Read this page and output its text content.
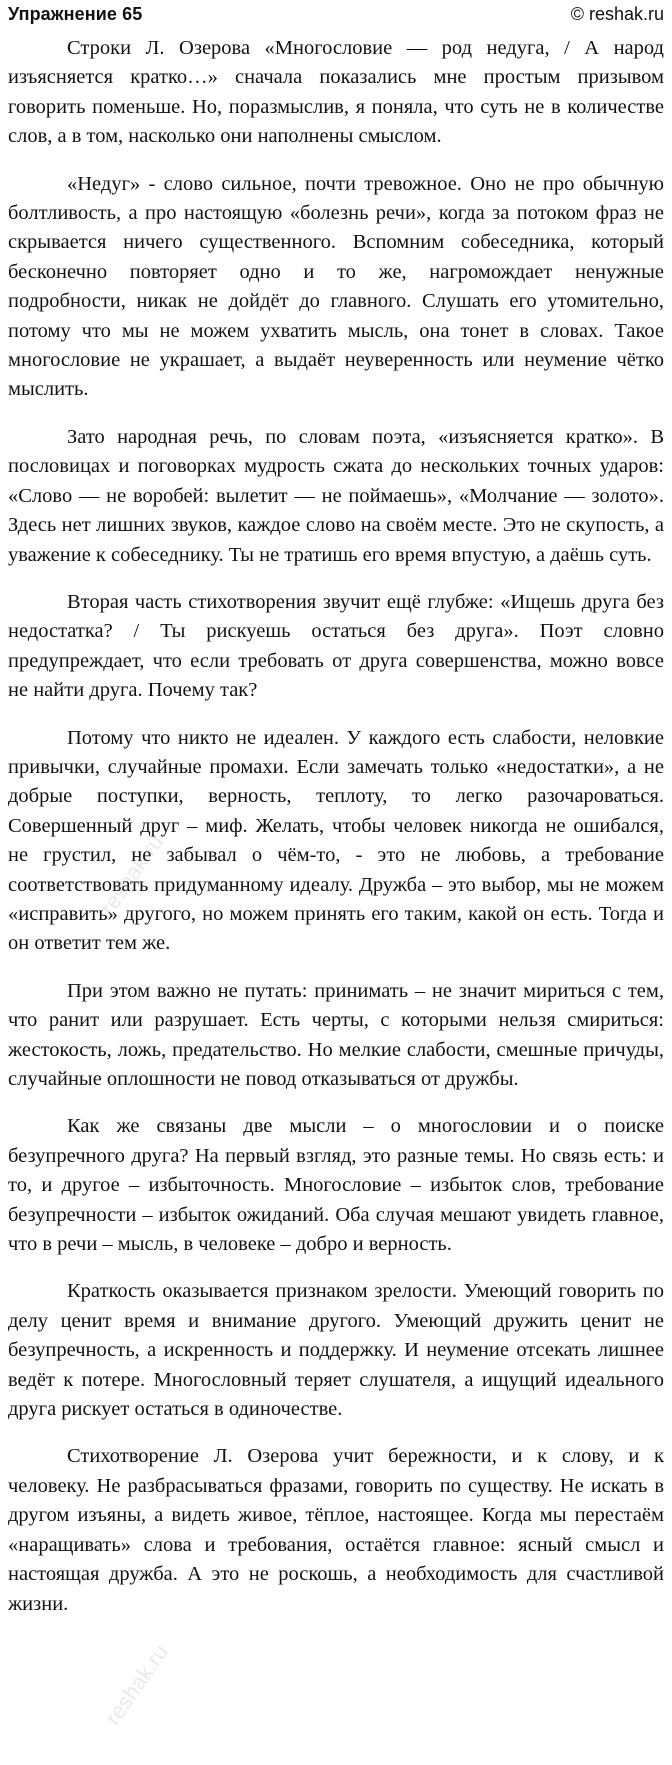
Упражнение 65	© reshak.ru

Строки Л. Озерова «Многословие — род недуга, / А народ изъясняется кратко…» сначала показались мне простым призывом говорить поменьше. Но, поразмыслив, я поняла, что суть не в количестве слов, а в том, насколько они наполнены смыслом.

«Недуг» - слово сильное, почти тревожное. Оно не про обычную болтливость, а про настоящую «болезнь речи», когда за потоком фраз не скрывается ничего существенного. Вспомним собеседника, который бесконечно повторяет одно и то же, нагромождает ненужные подробности, никак не дойдёт до главного. Слушать его утомительно, потому что мы не можем ухватить мысль, она тонет в словах. Такое многословие не украшает, а выдаёт неуверенность или неумение чётко мыслить.

Зато народная речь, по словам поэта, «изъясняется кратко». В пословицах и поговорках мудрость сжата до нескольких точных ударов: «Слово — не воробей: вылетит — не поймаешь», «Молчание — золото». Здесь нет лишних звуков, каждое слово на своём месте. Это не скупость, а уважение к собеседнику. Ты не тратишь его время впустую, а даёшь суть.

Вторая часть стихотворения звучит ещё глубже: «Ищешь друга без недостатка? / Ты рискуешь остаться без друга». Поэт словно предупреждает, что если требовать от друга совершенства, можно вовсе не найти друга. Почему так?

Потому что никто не идеален. У каждого есть слабости, неловкие привычки, случайные промахи. Если замечать только «недостатки», а не добрые поступки, верность, теплоту, то легко разочароваться. Совершенный друг – миф. Желать, чтобы человек никогда не ошибался, не грустил, не забывал о чём-то, - это не любовь, а требование соответствовать придуманному идеалу. Дружба – это выбор, мы не можем «исправить» другого, но можем принять его таким, какой он есть. Тогда и он ответит тем же.

При этом важно не путать: принимать – не значит мириться с тем, что ранит или разрушает. Есть черты, с которыми нельзя смириться: жестокость, ложь, предательство. Но мелкие слабости, смешные причуды, случайные оплошности не повод отказываться от дружбы.

Как же связаны две мысли – о многословии и о поиске безупречного друга? На первый взгляд, это разные темы. Но связь есть: и то, и другое – избыточность. Многословие – избыток слов, требование безупречности – избыток ожиданий. Оба случая мешают увидеть главное, что в речи – мысль, в человеке – добро и верность.

Краткость оказывается признаком зрелости. Умеющий говорить по делу ценит время и внимание другого. Умеющий дружить ценит не безупречность, а искренность и поддержку. И неумение отсекать лишнее ведёт к потере. Многословный теряет слушателя, а ищущий идеального друга рискует остаться в одиночестве.

Стихотворение Л. Озерова учит бережности, и к слову, и к человеку. Не разбрасываться фразами, говорить по существу. Не искать в другом изъяны, а видеть живое, тёплое, настоящее. Когда мы перестаём «наращивать» слова и требования, остаётся главное: ясный смысл и настоящая дружба. А это не роскошь, а необходимость для счастливой жизни.

reshak.ru
reshak.ru
